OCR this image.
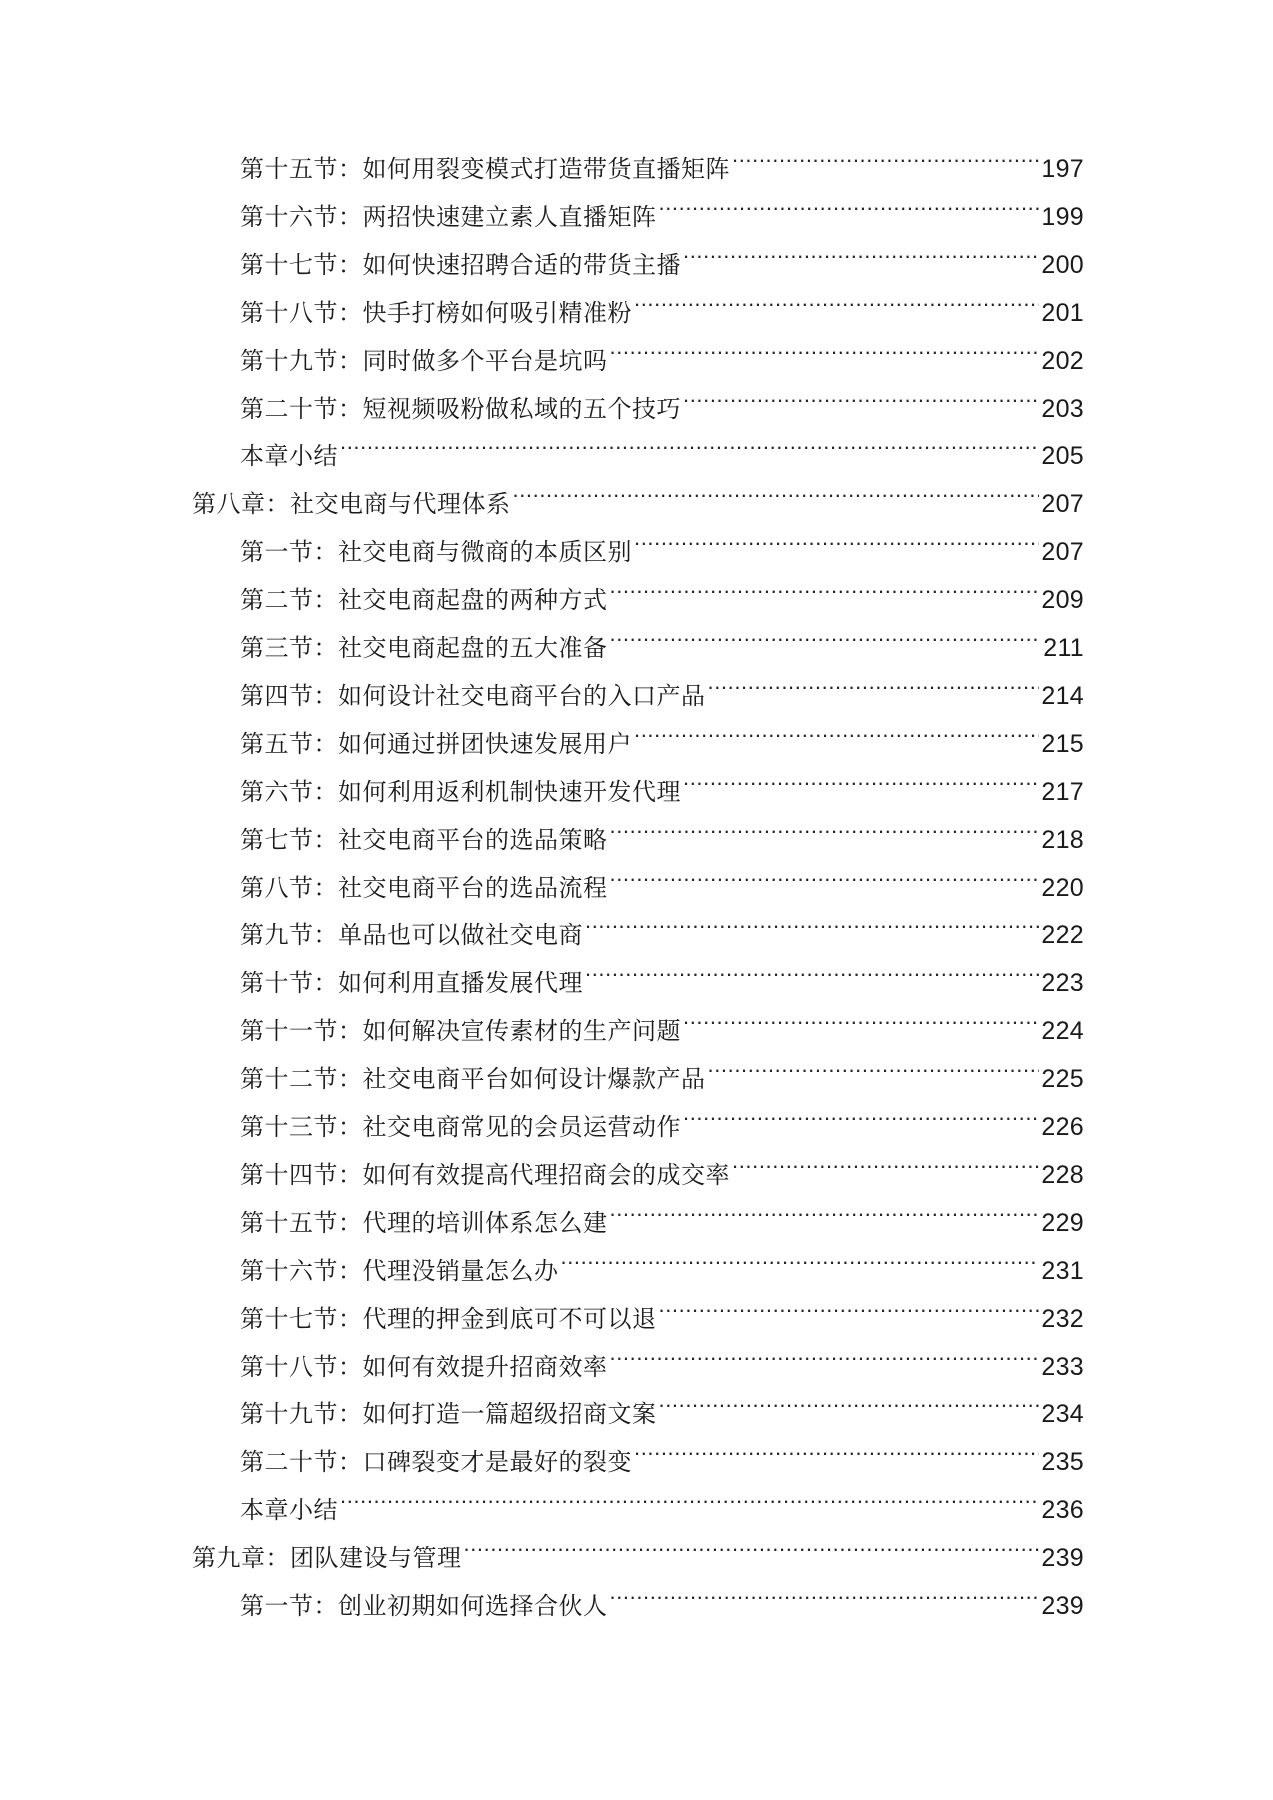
第十五节：如何用裂变模式打造带货直播矩阵 .....	197
第十六节：两招快速建立素人直播矩阵 .....	199
第十七节：如何快速招聘合适的带货主播 .....	200
第十八节：快手打榜如何吸引精准粉 .....	201
第十九节：同时做多个平台是坑吗 .....	202
第二十节：短视频吸粉做私域的五个技巧 .....	203
本章小结 .....	205
第八章：社交电商与代理体系 .....	207
第一节：社交电商与微商的本质区别 .....	207
第二节：社交电商起盘的两种方式 .....	209
第三节：社交电商起盘的五大准备 .....	211
第四节：如何设计社交电商平台的入口产品 .....	214
第五节：如何通过拼团快速发展用户 .....	215
第六节：如何利用返利机制快速开发代理 .....	217
第七节：社交电商平台的选品策略 .....	218
第八节：社交电商平台的选品流程 .....	220
第九节：单品也可以做社交电商 .....	222
第十节：如何利用直播发展代理 .....	223
第十一节：如何解决宣传素材的生产问题 .....	224
第十二节：社交电商平台如何设计爆款产品 .....	225
第十三节：社交电商常见的会员运营动作 .....	226
第十四节：如何有效提高代理招商会的成交率 .....	228
第十五节：代理的培训体系怎么建 .....	229
第十六节：代理没销量怎么办 .....	231
第十七节：代理的押金到底可不可以退 .....	232
第十八节：如何有效提升招商效率 .....	233
第十九节：如何打造一篇超级招商文案 .....	234
第二十节：口碑裂变才是最好的裂变 .....	235
本章小结 .....	236
第九章：团队建设与管理 .....	239
第一节：创业初期如何选择合伙人 .....	239
